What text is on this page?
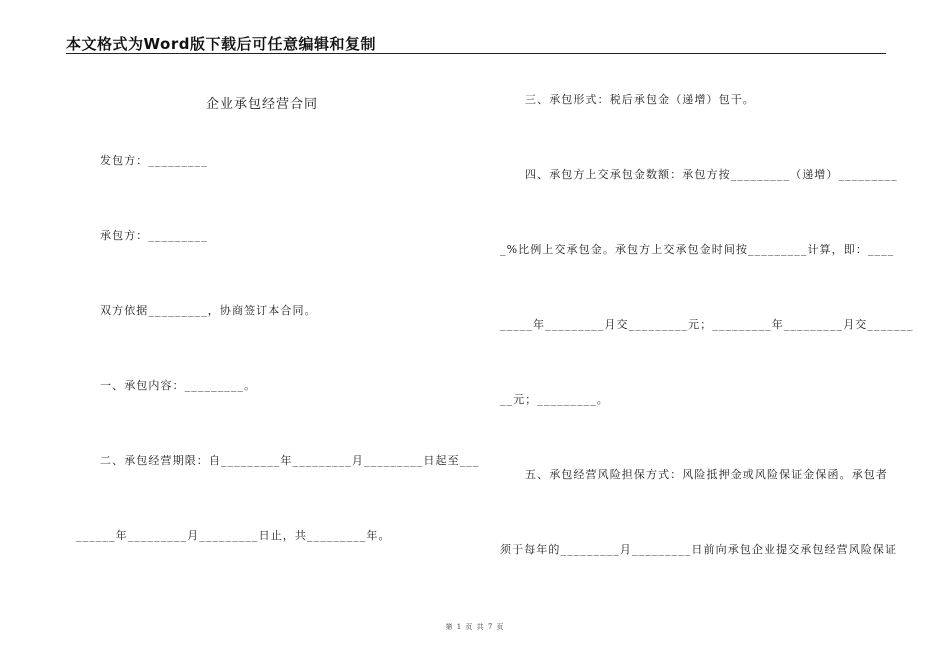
本文格式为Word版下载后可任意编辑和复制
企业承包经营合同
发包方：_________
承包方：_________
双方依据_________，协商签订本合同。
一、承包内容：_________。
二、承包经营期限：自_________年_________月_________日起至___
______年_________月_________日止，共_________年。
三、承包形式：税后承包金（递增）包干。
四、承包方上交承包金数额：承包方按_________（递增）_________
_%比例上交承包金。承包方上交承包金时间按_________计算，即：____
_____年_________月交_________元；_________年_________月交_______
__元；_________。
五、承包经营风险担保方式：风险抵押金或风险保证金保函。承包者
须于每年的_________月_________日前向承包企业提交承包经营风险保证
第 1 页 共 7 页
